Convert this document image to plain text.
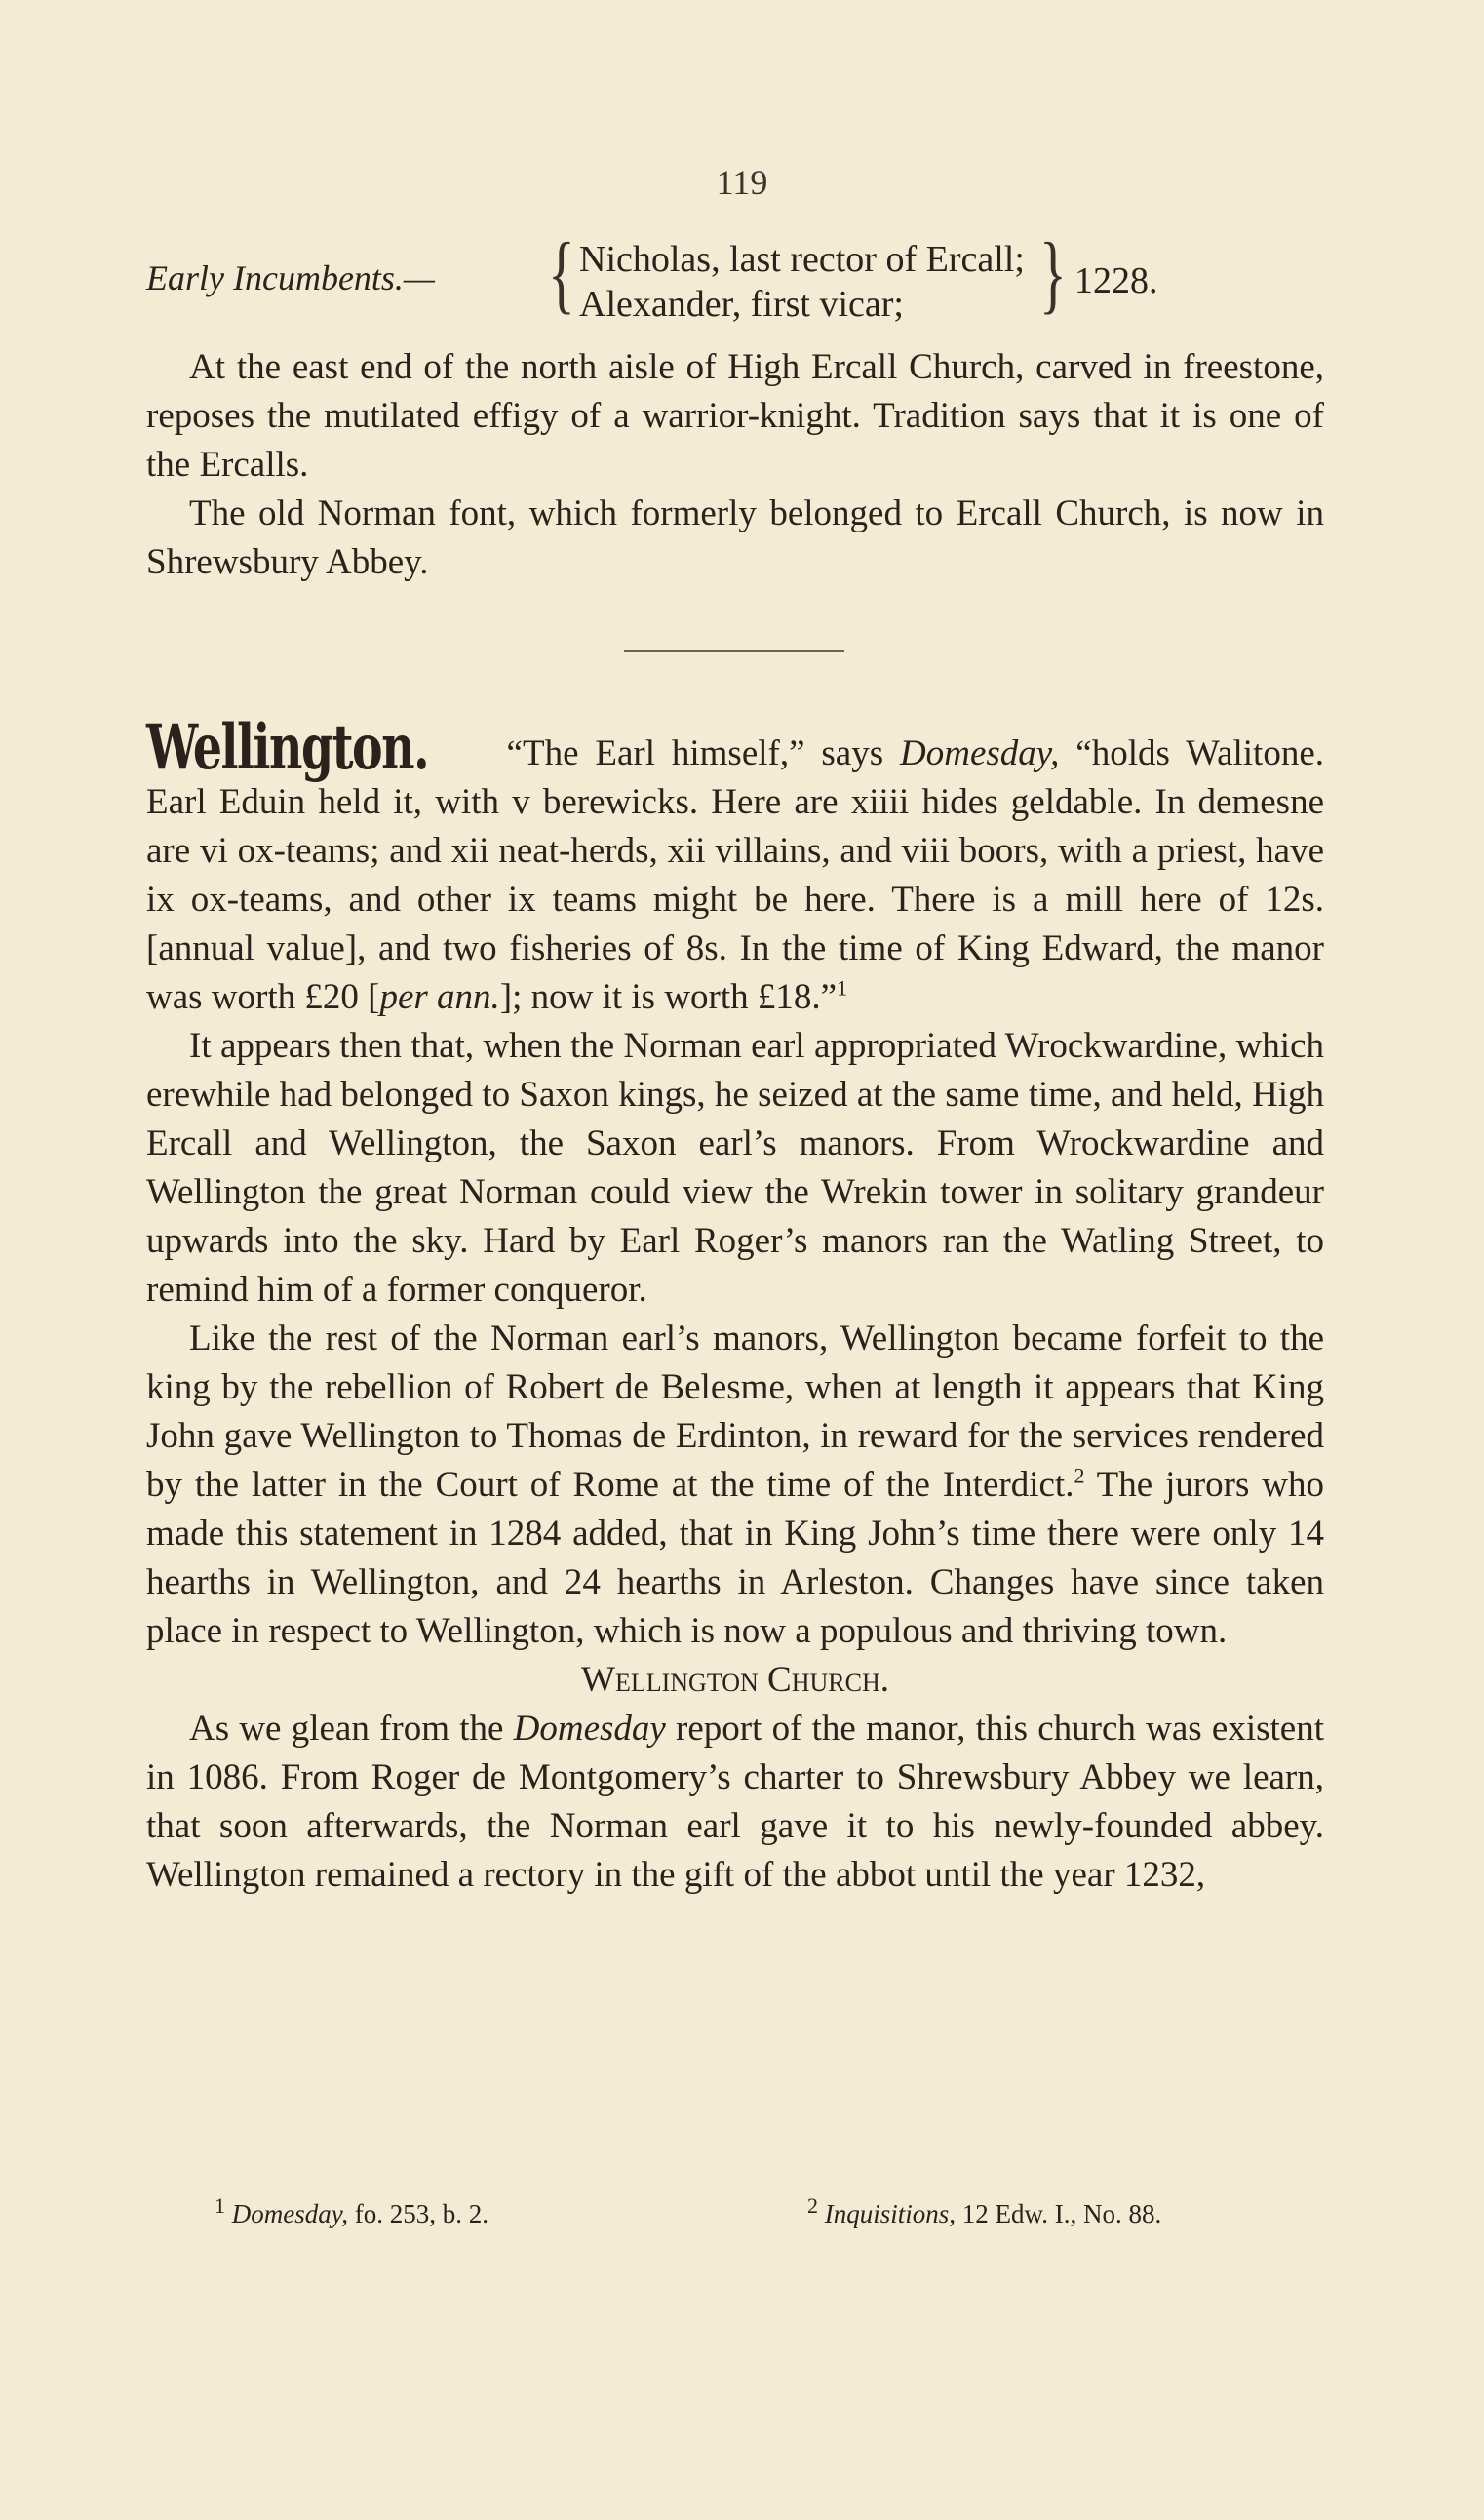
119
Early Incumbents.— { Nicholas, last rector of Ercall;
Alexander, first vicar; } 1228.

At the east end of the north aisle of High Ercall Church, carved in freestone, reposes the mutilated effigy of a warrior-knight. Tradition says that it is one of the Ercalls.

The old Norman font, which formerly belonged to Ercall Church, is now in Shrewsbury Abbey.

Wellington. “The Earl himself,” says Domesday, “holds Walitone. Earl Eduin held it, with v berewicks. Here are xiiii hides geldable. In demesne are vi ox-teams; and xii neat-herds, xii villains, and viii boors, with a priest, have ix ox-teams, and other ix teams might be here. There is a mill here of 12s. [annual value], and two fisheries of 8s. In the time of King Edward, the manor was worth £20 [per ann.]; now it is worth £18.”$^1$

It appears then that, when the Norman earl appropriated Wrockwardine, which erewhile had belonged to Saxon kings, he seized at the same time, and held, High Ercall and Wellington, the Saxon earl’s manors. From Wrockwardine and Wellington the great Norman could view the Wrekin tower in solitary grandeur upwards into the sky. Hard by Earl Roger’s manors ran the Watling Street, to remind him of a former conqueror.

Like the rest of the Norman earl’s manors, Wellington became forfeit to the king by the rebellion of Robert de Belesme, when at length it appears that King John gave Wellington to Thomas de Erdinton, in reward for the services rendered by the latter in the Court of Rome at the time of the Interdict.$^2$ The jurors who made this statement in 1284 added, that in King John’s time there were only 14 hearths in Wellington, and 24 hearths in Arleston. Changes have since taken place in respect to Wellington, which is now a populous and thriving town.

Wellington Church.

As we glean from the Domesday report of the manor, this church was existent in 1086. From Roger de Montgomery’s charter to Shrewsbury Abbey we learn, that soon afterwards, the Norman earl gave it to his newly-founded abbey. Wellington remained a rectory in the gift of the abbot until the year 1232,

$^1$ Domesday, fo. 253, b. 2.	$^2$ Inquisitions, 12 Edw. I., No. 88.
